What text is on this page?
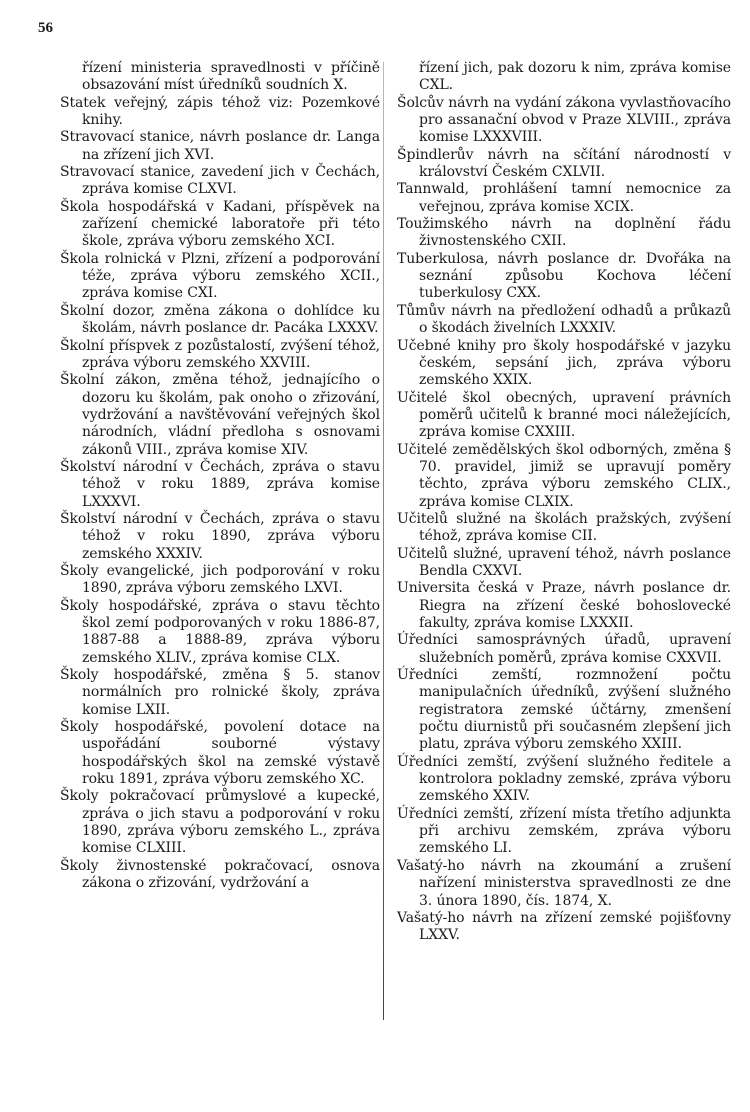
56

řízení ministeria spravedlnosti v příčině obsazování míst úředníků soudních X.

Statek veřejný, zápis téhož viz: Pozemkové knihy.

Stravovací stanice, návrh poslance dr. Langa na zřízení jich XVI.

Stravovací stanice, zavedení jich v Čechách, zpráva komise CLXVI.

Škola hospodářská v Kadani, příspěvek na zařízení chemické laboratoře při této škole, zpráva výboru zemského XCI.

Škola rolnická v Plzni, zřízení a podporování téže, zpráva výboru zemského XCII., zpráva komise CXI.

Školní dozor, změna zákona o dohlídce ku školám, návrh poslance dr. Pacáka LXXXV.

Školní příspvek z pozůstalostí, zvýšení téhož, zpráva výboru zemského XXVIII.

Školní zákon, změna téhož, jednajícího o dozoru ku školám, pak onoho o zřizování, vydržování a navštěvování veřejných škol národních, vládní předloha s osnovami zákonů VIII., zpráva komise XIV.

Školství národní v Čechách, zpráva o stavu téhož v roku 1889, zpráva komise LXXXVI.

Školství národní v Čechách, zpráva o stavu téhož v roku 1890, zpráva výboru zemského XXXIV.

Školy evangelické, jich podporování v roku 1890, zpráva výboru zemského LXVI.

Školy hospodářské, zpráva o stavu těchto škol zemí podporovaných v roku 1886-87, 1887-88 a 1888-89, zpráva výboru zemského XLIV., zpráva komise CLX.

Školy hospodářské, změna § 5. stanov normálních pro rolnické školy, zpráva komise LXII.

Školy hospodářské, povolení dotace na uspořádání souborné výstavy hospodářských škol na zemské výstavě roku 1891, zpráva výboru zemského XC.

Školy pokračovací průmyslové a kupecké, zpráva o jich stavu a podporování v roku 1890, zpráva výboru zemského L., zpráva komise CLXIII.

Školy živnostenské pokračovací, osnova zákona o zřizování, vydržování a

řízení jich, pak dozoru k nim, zpráva komise CXL.

Šolcův návrh na vydání zákona vyvlastňovacího pro assanační obvod v Praze XLVIII., zpráva komise LXXXVIII.

Špindlerův návrh na sčítání národností v království Českém CXLVII.

Tannwald, prohlášení tamní nemocnice za veřejnou, zpráva komise XCIX.

Toužimského návrh na doplnění řádu živnostenského CXII.

Tuberkulosa, návrh poslance dr. Dvořáka na seznání způsobu Kochova léčení tuberkulosy CXX.

Tůmův návrh na předložení odhadů a průkazů o škodách živelních LXXXIV.

Učebné knihy pro školy hospodářské v jazyku českém, sepsání jich, zpráva výboru zemského XXIX.

Učitelé škol obecných, upravení právních poměrů učitelů k branné moci náležejících, zpráva komise CXXIII.

Učitelé zemědělských škol odborných, změna § 70. pravidel, jimiž se upravují poměry těchto, zpráva výboru zemského CLIX., zpráva komise CLXIX.

Učitelů služné na školách pražských, zvýšení téhož, zpráva komise CII.

Učitelů služné, upravení téhož, návrh poslance Bendla CXXVI.

Universita česká v Praze, návrh poslance dr. Riegra na zřízení české bohoslovecké fakulty, zpráva komise LXXXII.

Úředníci samosprávných úřadů, upravení služebních poměrů, zpráva komise CXXVII.

Úředníci zemští, rozmnožení počtu manipulačních úředníků, zvýšení služného registratora zemské účtárny, zmenšení počtu diurnistů při současném zlepšení jich platu, zpráva výboru zemského XXIII.

Úředníci zemští, zvýšení služného ředitele a kontrolora pokladny zemské, zpráva výboru zemského XXIV.

Úředníci zemští, zřízení místa třetího adjunkta při archivu zemském, zpráva výboru zemského LI.

Vašatý-ho návrh na zkoumání a zrušení nařízení ministerstva spravedlnosti ze dne 3. února 1890, čís. 1874, X.

Vašatý-ho návrh na zřízení zemské pojišťovny LXXV.
